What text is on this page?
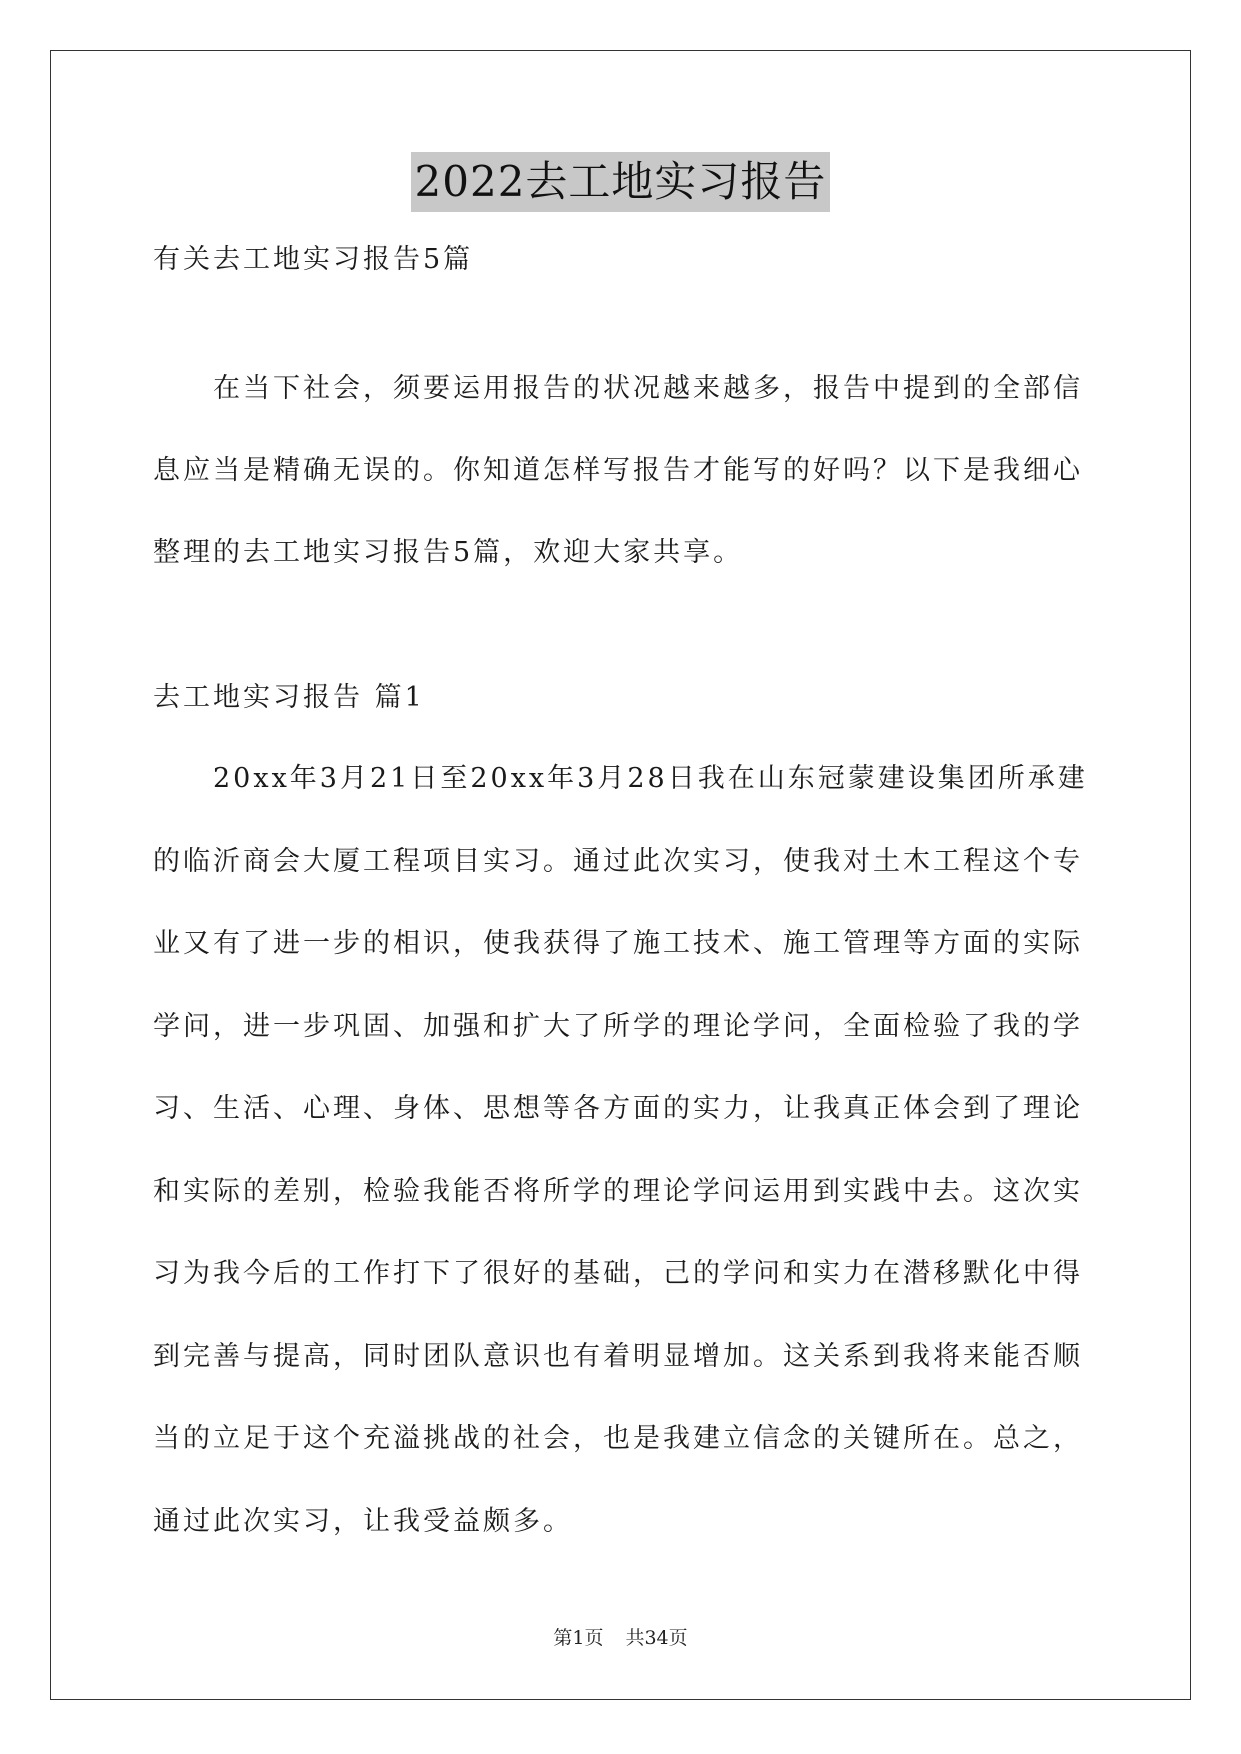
2022去工地实习报告
有关去工地实习报告5篇
在当下社会，须要运用报告的状况越来越多，报告中提到的全部信息应当是精确无误的。你知道怎样写报告才能写的好吗？以下是我细心整理的去工地实习报告5篇，欢迎大家共享。
去工地实习报告 篇1
20xx年3月21日至20xx年3月28日我在山东冠蒙建设集团所承建的临沂商会大厦工程项目实习。通过此次实习，使我对土木工程这个专业又有了进一步的相识，使我获得了施工技术、施工管理等方面的实际学问，进一步巩固、加强和扩大了所学的理论学问，全面检验了我的学习、生活、心理、身体、思想等各方面的实力，让我真正体会到了理论和实际的差别，检验我能否将所学的理论学问运用到实践中去。这次实习为我今后的工作打下了很好的基础，己的学问和实力在潜移默化中得到完善与提高，同时团队意识也有着明显增加。这关系到我将来能否顺当的立足于这个充溢挑战的社会，也是我建立信念的关键所在。总之，通过此次实习，让我受益颇多。
第1页 共34页
